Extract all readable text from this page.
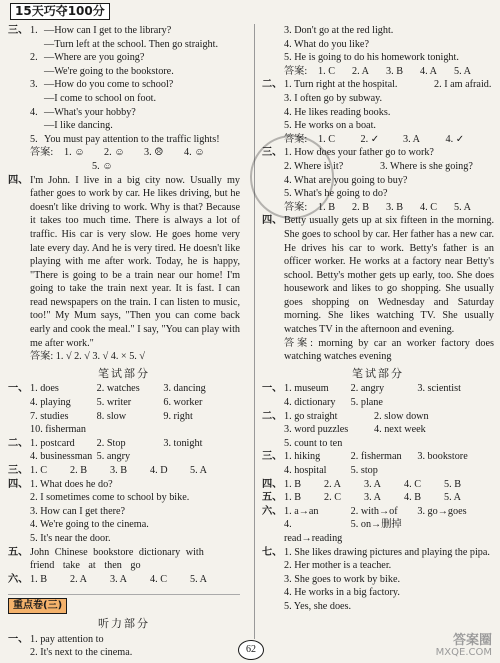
15天巧夺100分
三、 1. —How can I get to the library?
—Turn left at the school. Then go straight.
2. —Where are you going?
—We're going to the bookstore.
3. —How do you come to school?
—I come to school on foot.
4. —What's your hobby?
—I like dancing.
5. You must pay attention to the traffic lights!
答案:	1. ☺	2. ☺	3. ☹	4. ☺
5. ☺
四、 I'm John. I live in a big city now. Usually my father goes to work by car. He likes driving, but he doesn't like driving to work. Why is that? Because it takes too much time. There is always a lot of traffic. His car is very slow. He goes home very late every day. And he is very tired. He doesn't like playing with me after work. Today, he is happy, "There is going to be a train near our home! I'm going to take the train next year. It is fast. I can read newspapers on the train. I can listen to music, too!" My Mum says, "Then you can come back early and cook the meal." I say, "You can play with me after work."
答案: 1. √ 2. √ 3. √ 4. × 5. √
笔试部分
一、 1. does	2. watches	3. dancing
4. playing	5. writer	6. worker
7. studies	8. slow	9. right
10. fisherman
二、 1. postcard	2. Stop	3. tonight
4. businessman 5. angry
三、 1. C	2. B	3. B	4. D	5. A
四、 1. What does he do?
2. I sometimes come to school by bike.
3. How can I get there?
4. We're going to the cinema.
5. It's near the door.
五、 John Chinese bookstore dictionary with
friend take at then go
六、 1. B	2. A	3. A	4. C	5. A
重点卷(三)
听力部分
一、 1. pay attention to
2. It's next to the cinema.
3. Don't go at the red light.
4. What do you like?
5. He is going to do his homework tonight.
答案:	1. C	2. A	3. B	4. A	5. A
二、 1. Turn right at the hospital.	2. I am afraid.
3. I often go by subway.
4. He likes reading books.
5. He works on a boat.
答案:	1. C	2. ✓	3. A	4. ✓
三、 1. How does your father go to work?
2. Where is it?	3. Where is she going?
4. What are you going to buy?
5. What's he going to do?
答案:	1. B	2. B	3. B	4. C	5. A
四、 Betty usually gets up at six fifteen in the morning. She goes to school by car. Her father has a new car. He drives his car to work. Betty's father is an officer worker. He works at a factory near Betty's school. Betty's mother gets up early, too. She does housework and likes to go shopping. She usually goes shopping on Wednesday and Saturday morning. She likes watching TV. She usually watches TV in the afternoon and evening.
答案: morning by car an worker factory does watching watches evening
笔试部分
一、 1. museum	2. angry	3. scientist
4. dictionary	5. plane
二、 1. go straight	2. slow down
3. word puzzles	4. next week
5. count to ten
三、 1. hiking	2. fisherman	3. bookstore
4. hospital	5. stop
四、 1. B	2. A	3. A	4. C	5. B
五、 1. B	2. C	3. A	4. B	5. A
六、 1. a→an	2. with→of	3. go→goes
4. read→reading
5. on→删掉
七、 1. She likes drawing pictures and playing the pipa.
2. Her mother is a teacher.
3. She goes to work by bike.
4. He works in a big factory.
5. Yes, she does.
62
答案圈
MXQE.COM
